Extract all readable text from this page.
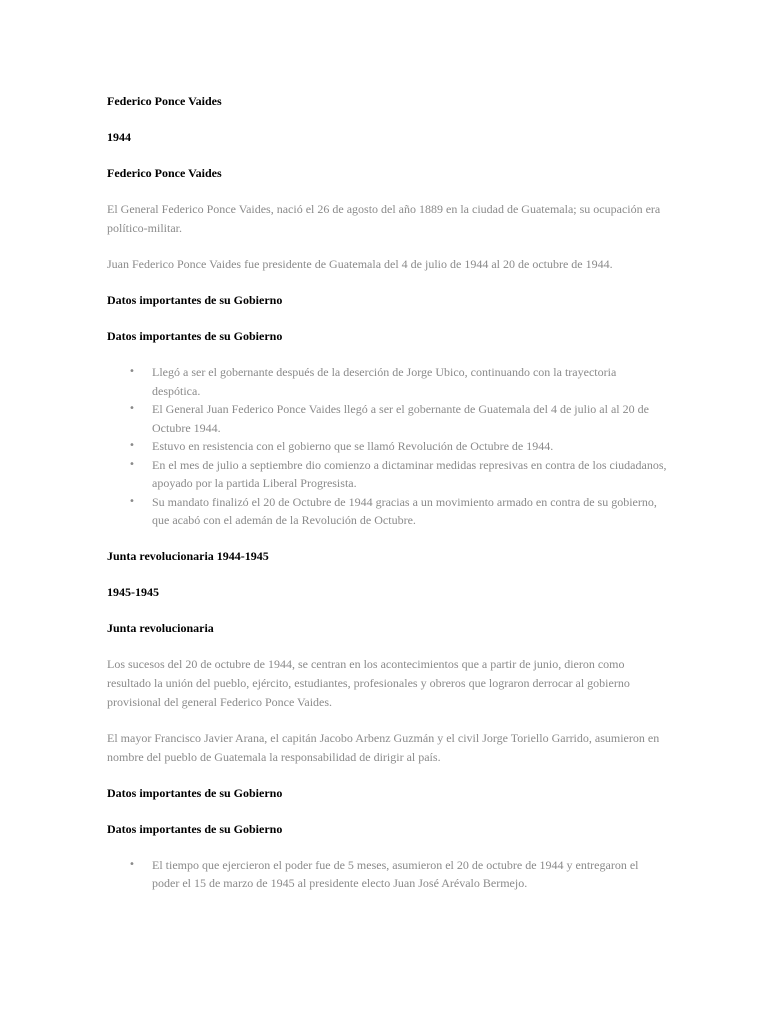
Federico Ponce Vaides
1944
Federico Ponce Vaides

El General Federico Ponce Vaides, nació el 26 de agosto del año 1889 en la ciudad de Guatemala; su ocupación era político-militar.

Juan Federico Ponce Vaides fue presidente de Guatemala del 4 de julio de 1944 al 20 de octubre de 1944.

Datos importantes de su Gobierno
Datos importantes de su Gobierno
• Llegó a ser el gobernante después de la deserción de Jorge Ubico, continuando con la trayectoria despótica.
• El General Juan Federico Ponce Vaides llegó a ser el gobernante de Guatemala del 4 de julio al al 20 de Octubre 1944.
• Estuvo en resistencia con el gobierno que se llamó Revolución de Octubre de 1944.
• En el mes de julio a septiembre dio comienzo a dictaminar medidas represivas en contra de los ciudadanos, apoyado por la partida Liberal Progresista.
• Su mandato finalizó el 20 de Octubre de 1944 gracias a un movimiento armado en contra de su gobierno, que acabó con el ademán de la Revolución de Octubre.
Junta revolucionaria 1944-1945
1945-1945
Junta revolucionaria

Los sucesos del 20 de octubre de 1944, se centran en los acontecimientos que a partir de junio, dieron como resultado la unión del pueblo, ejército, estudiantes, profesionales y obreros que lograron derrocar al gobierno provisional del general Federico Ponce Vaides.

El mayor Francisco Javier Arana, el capitán Jacobo Arbenz Guzmán y el civil Jorge Toriello Garrido, asumieron en nombre del pueblo de Guatemala la responsabilidad de dirigir al país.

Datos importantes de su Gobierno
Datos importantes de su Gobierno
• El tiempo que ejercieron el poder fue de 5 meses, asumieron el 20 de octubre de 1944 y entregaron el poder el 15 de marzo de 1945 al presidente electo Juan José Arévalo Bermejo.
